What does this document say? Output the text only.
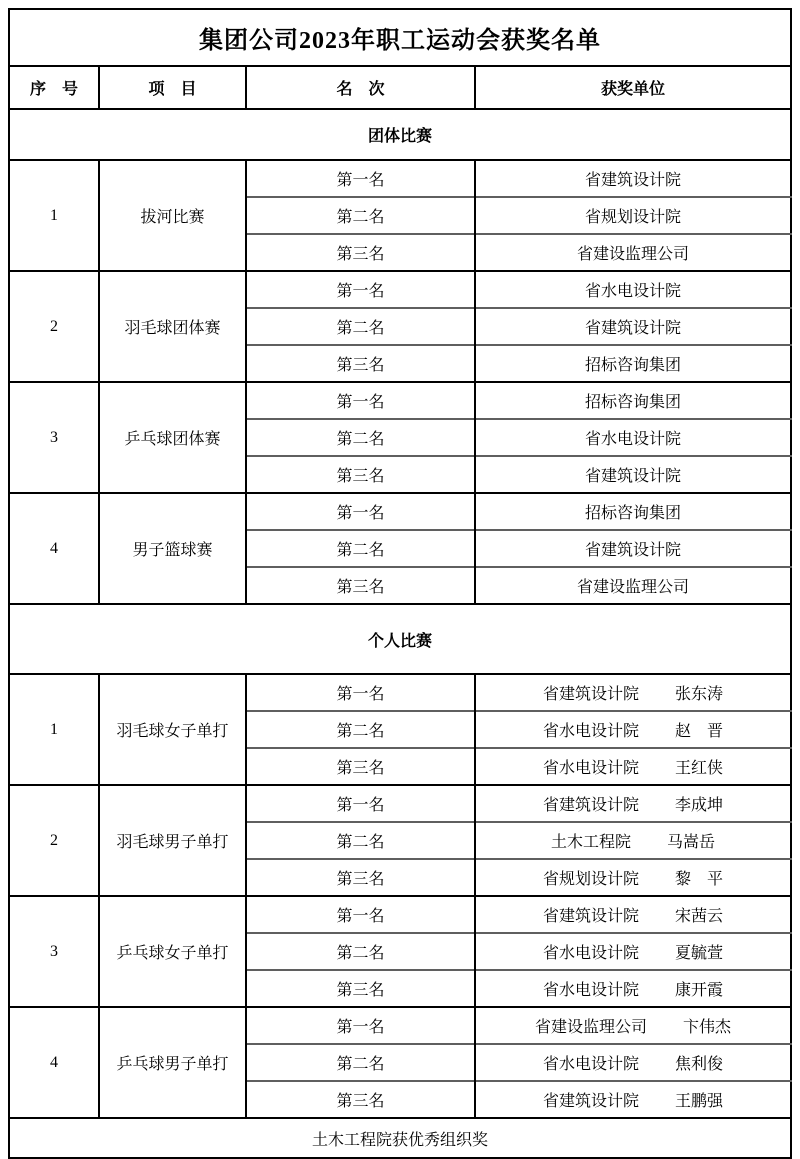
集团公司2023年职工运动会获奖名单			
序　号	项　目	名　次	获奖单位
团体比赛			
1	拔河比赛	第一名	省建筑设计院
		第二名	省规划设计院
		第三名	省建设监理公司
2	羽毛球团体赛	第一名	省水电设计院
		第二名	省建筑设计院
		第三名	招标咨询集团
3	乒乓球团体赛	第一名	招标咨询集团
		第二名	省水电设计院
		第三名	省建筑设计院
4	男子篮球赛	第一名	招标咨询集团
		第二名	省建筑设计院
		第三名	省建设监理公司
个人比赛			
1	羽毛球女子单打	第一名	省建筑设计院 张东涛

		第二名	省水电设计院 赵　晋

		第三名	省水电设计院 王红侠

2	羽毛球男子单打	第一名	省建筑设计院 李成坤

		第二名	土木工程院 马嵩岳

		第三名	省规划设计院 黎　平

3	乒乓球女子单打	第一名	省建筑设计院 宋茜云

		第二名	省水电设计院 夏毓萱

		第三名	省水电设计院 康开霞

4	乒乓球男子单打	第一名	省建设监理公司 卞伟杰

		第二名	省水电设计院 焦利俊

		第三名	省建筑设计院 王鹏强

土木工程院获优秀组织奖			
